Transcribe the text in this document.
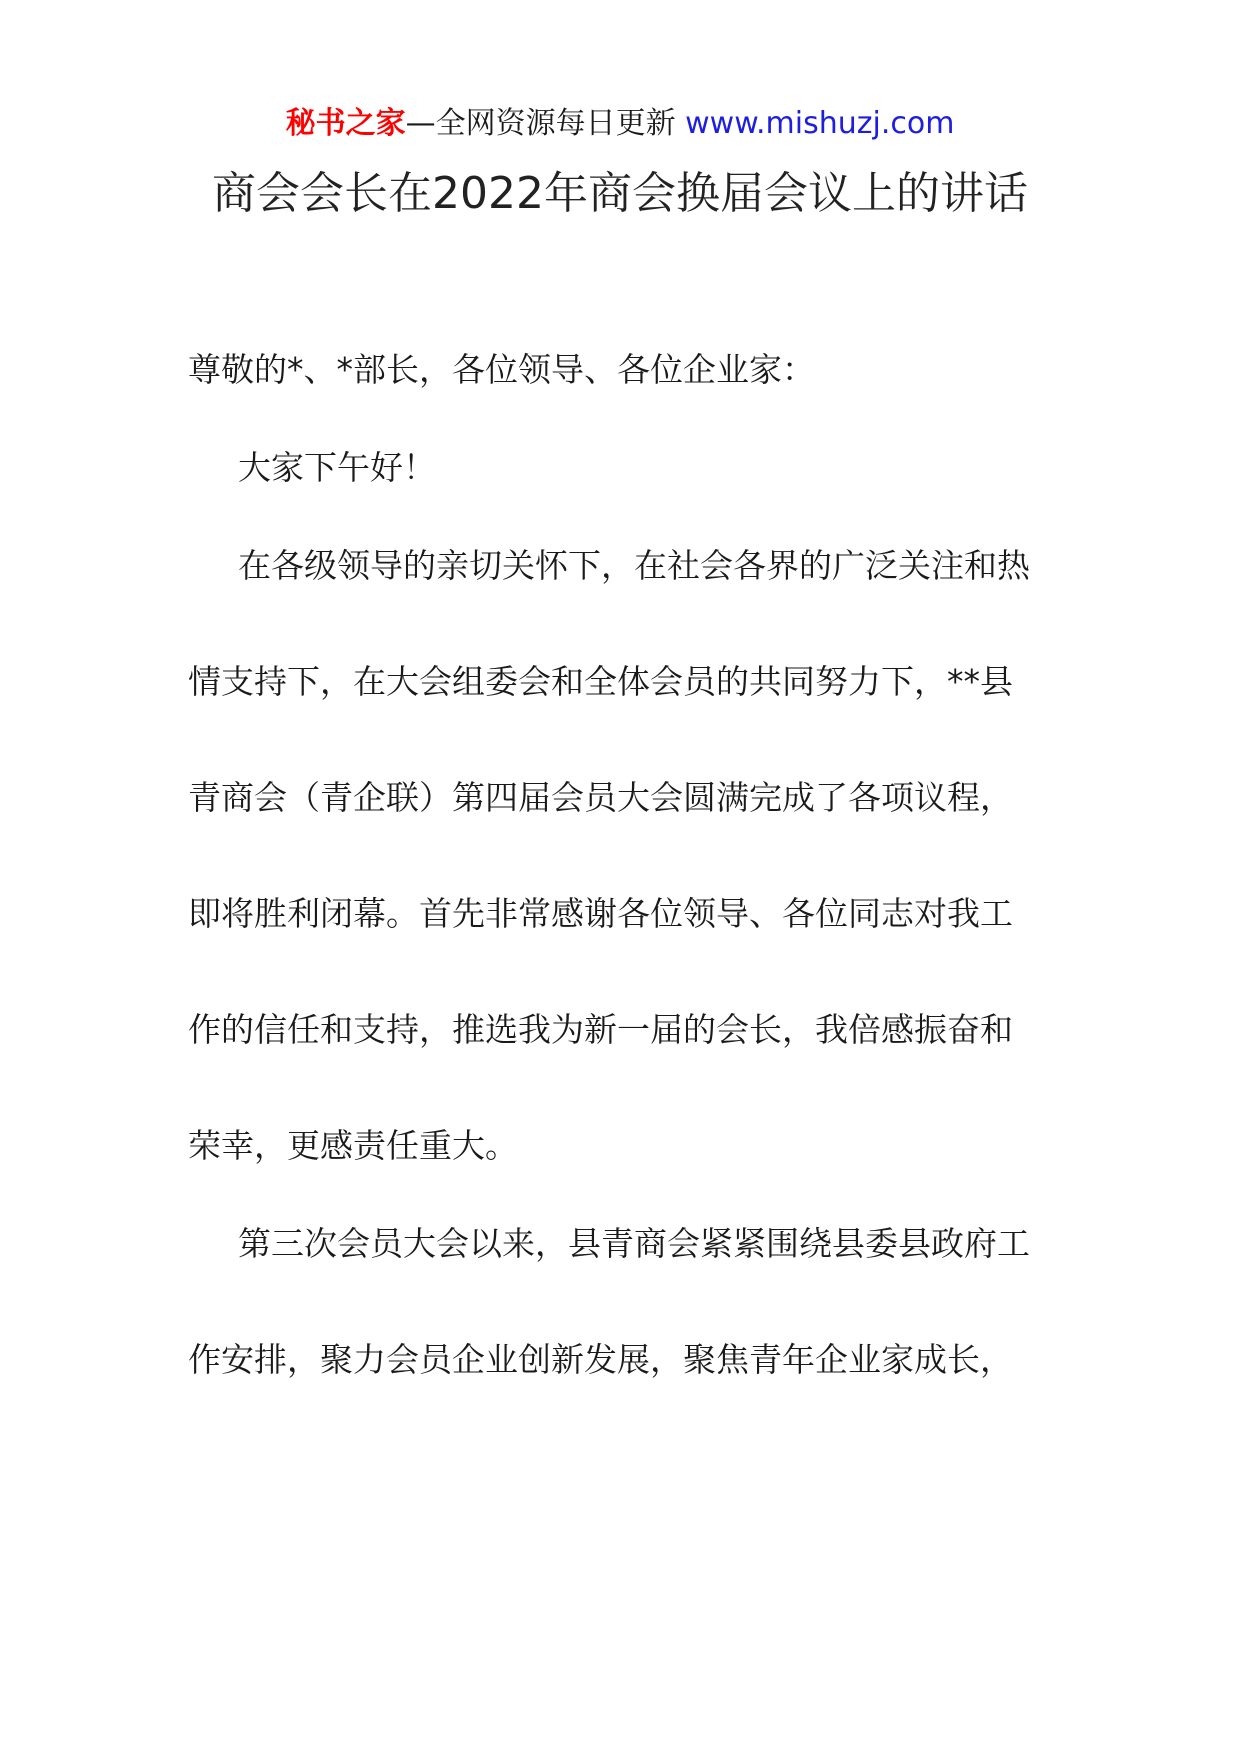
秘书之家—全网资源每日更新 www.mishuzj.com
商会会长在2022年商会换届会议上的讲话
尊敬的*、*部长，各位领导、各位企业家：
大家下午好！
在各级领导的亲切关怀下，在社会各界的广泛关注和热
情支持下，在大会组委会和全体会员的共同努力下，**县
青商会（青企联）第四届会员大会圆满完成了各项议程，
即将胜利闭幕。首先非常感谢各位领导、各位同志对我工
作的信任和支持，推选我为新一届的会长，我倍感振奋和
荣幸，更感责任重大。
第三次会员大会以来，县青商会紧紧围绕县委县政府工
作安排，聚力会员企业创新发展，聚焦青年企业家成长，
